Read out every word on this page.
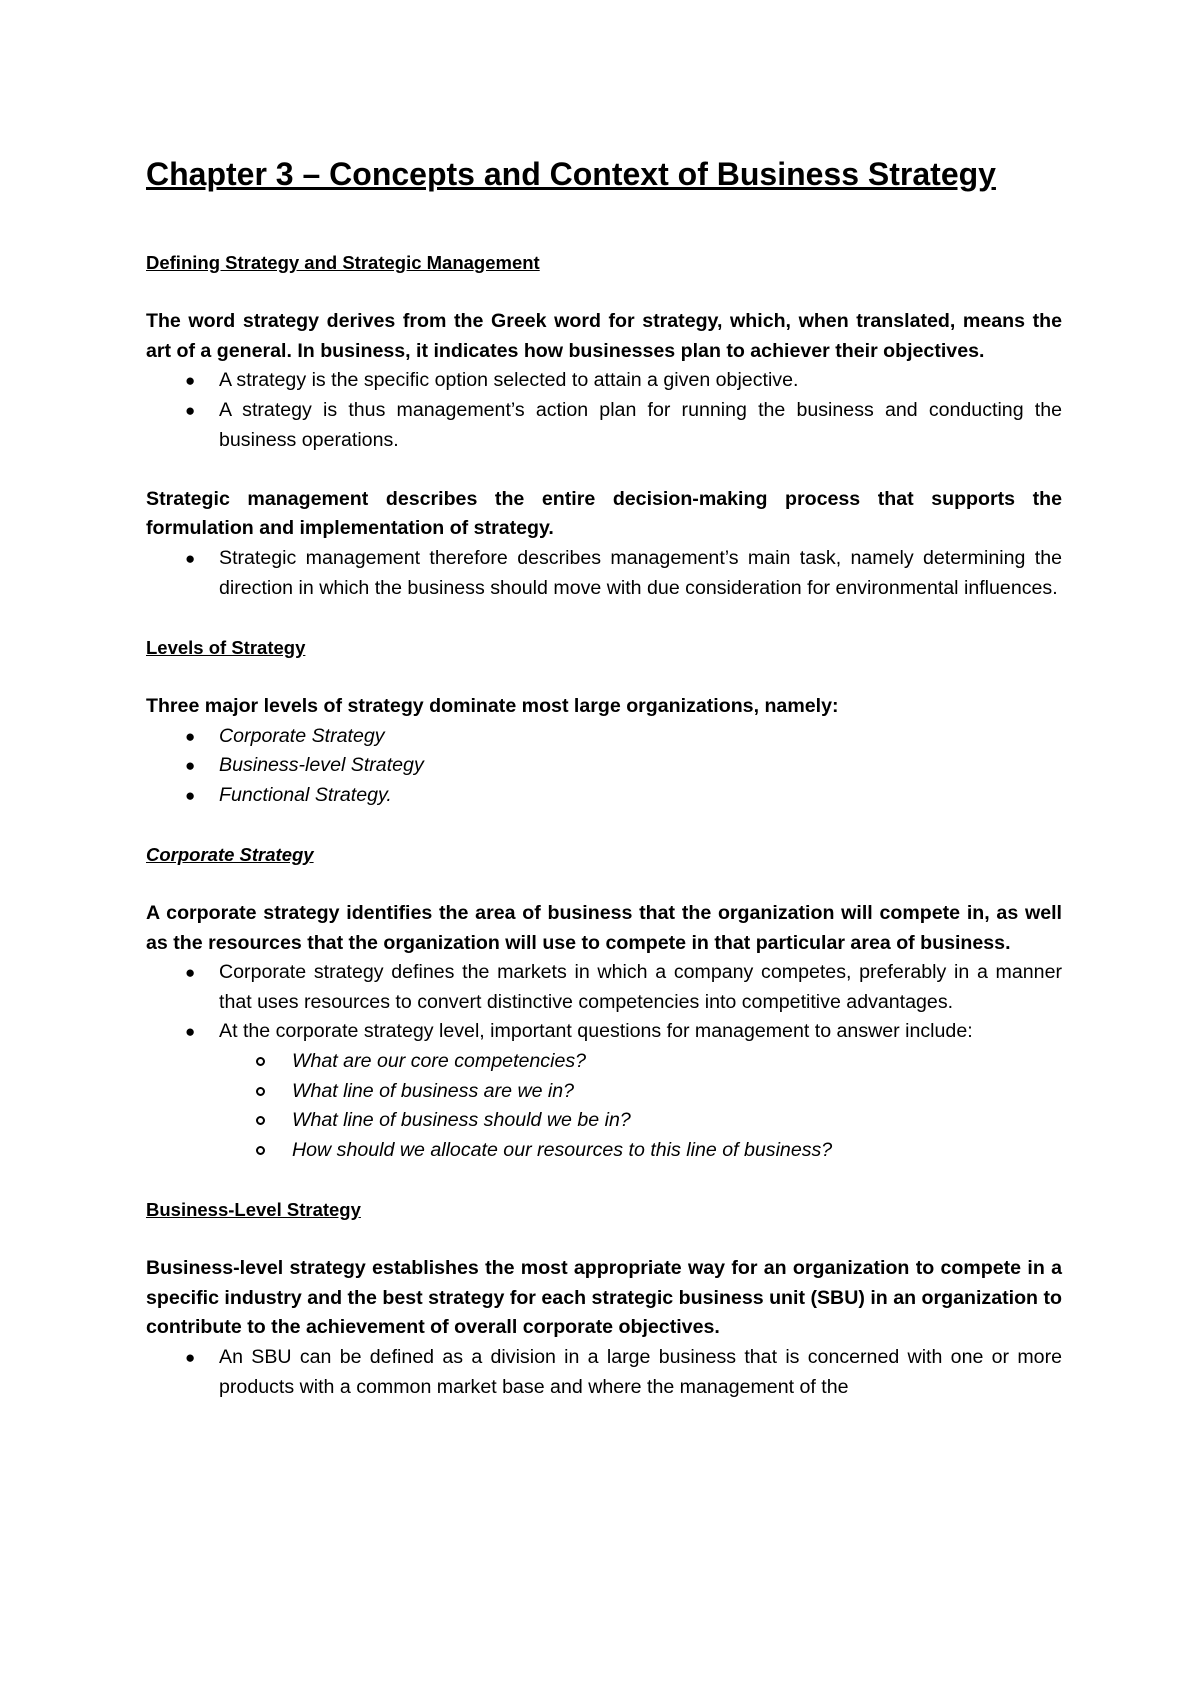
Chapter 3 – Concepts and Context of Business Strategy

Defining Strategy and Strategic Management

The word strategy derives from the Greek word for strategy, which, when translated, means the art of a general. In business, it indicates how businesses plan to achiever their objectives.

● A strategy is the specific option selected to attain a given objective.
● A strategy is thus management’s action plan for running the business and conducting the business operations.

Strategic management describes the entire decision-making process that supports the formulation and implementation of strategy.

● Strategic management therefore describes management’s main task, namely determining the direction in which the business should move with due consideration for environmental influences.

Levels of Strategy

Three major levels of strategy dominate most large organizations, namely:

● Corporate Strategy
● Business-level Strategy
● Functional Strategy.

Corporate Strategy

A corporate strategy identifies the area of business that the organization will compete in, as well as the resources that the organization will use to compete in that particular area of business.

● Corporate strategy defines the markets in which a company competes, preferably in a manner that uses resources to convert distinctive competencies into competitive advantages.
● At the corporate strategy level, important questions for management to answer include:
What are our core competencies?
What line of business are we in?
What line of business should we be in?
How should we allocate our resources to this line of business?

Business-Level Strategy

Business-level strategy establishes the most appropriate way for an organization to compete in a specific industry and the best strategy for each strategic business unit (SBU) in an organization to contribute to the achievement of overall corporate objectives.

● An SBU can be defined as a division in a large business that is concerned with one or more products with a common market base and where the management of the
